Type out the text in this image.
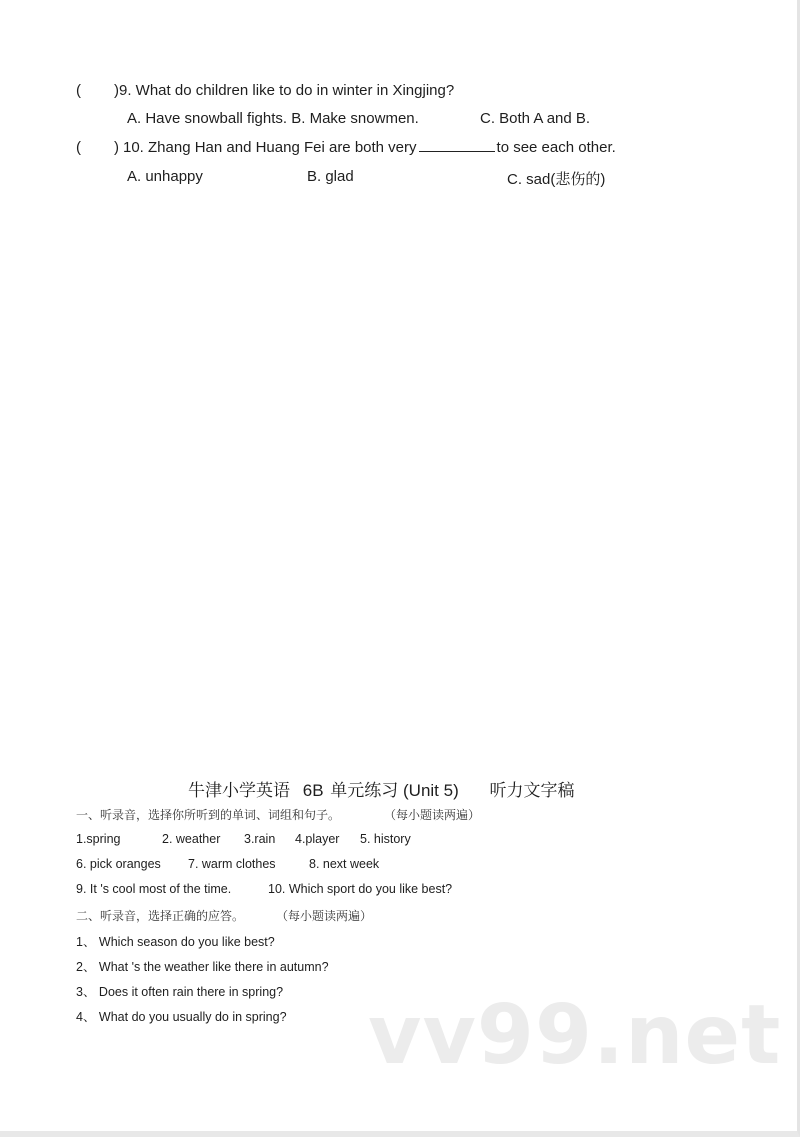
( ) 9. What do children like to do in winter in Xingjing?
A. Have snowball fights. B. Make snowmen.	C. Both A and B.
( ) 10. Zhang Han and Huang Fei are both very	to see each other.
A. unhappy	B. glad	C. sad(悲伤的)
牛津小学英语 6B 单元练习 (Unit 5) 听力文字稿
一、听录音，选择你所听到的单词、词组和句子。	（每小题读两遍）
1.spring	2. weather 3.rain 4.player 5. history
6. pick oranges 7. warm clothes	8. next week
9. It 's cool most of the time.	10. Which sport do you like best?
二、听录音，选择正确的应答。	（每小题读两遍）
1、 Which season do you like best?
2、 What 's the weather like there in autumn?
3、 Does it often rain there in spring?
4、 What do you usually do in spring? vv99.net
